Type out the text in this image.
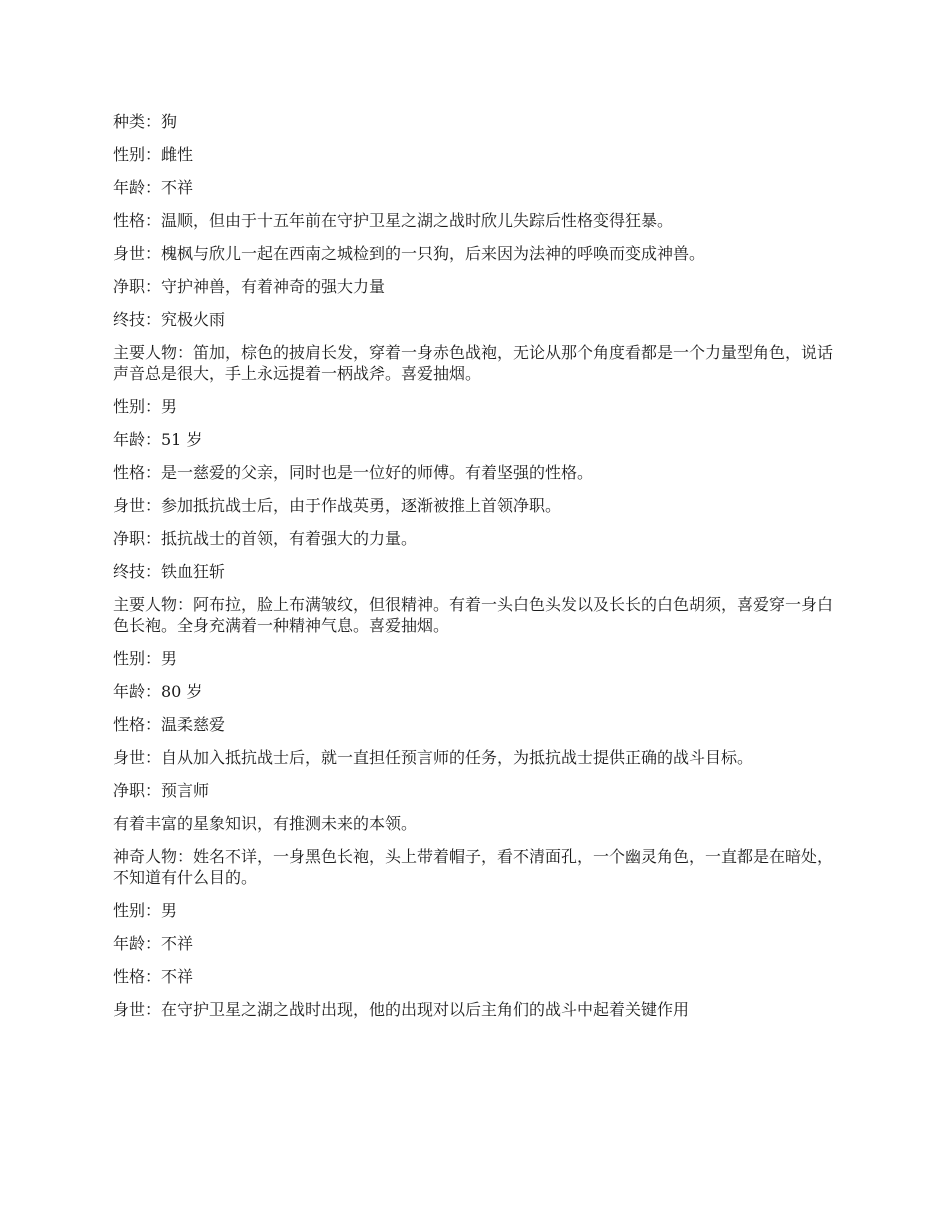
种类：狗

性别：雌性

年龄：不祥

性格：温顺，但由于十五年前在守护卫星之湖之战时欣儿失踪后性格变得狂暴。

身世：槐枫与欣儿一起在西南之城检到的一只狗，后来因为法神的呼唤而变成神兽。

净职：守护神兽，有着神奇的强大力量

终技：究极火雨

主要人物：笛加，棕色的披肩长发，穿着一身赤色战袍，无论从那个角度看都是一个力量型角色，说话声音总是很大，手上永远提着一柄战斧。喜爱抽烟。

性别：男

年龄：51 岁

性格：是一慈爱的父亲，同时也是一位好的师傅。有着坚强的性格。

身世：参加抵抗战士后，由于作战英勇，逐渐被推上首领净职。

净职：抵抗战士的首领，有着强大的力量。

终技：铁血狂斩

主要人物：阿布拉，脸上布满皱纹，但很精神。有着一头白色头发以及长长的白色胡须，喜爱穿一身白色长袍。全身充满着一种精神气息。喜爱抽烟。

性别：男

年龄：80 岁

性格：温柔慈爱

身世：自从加入抵抗战士后，就一直担任预言师的任务，为抵抗战士提供正确的战斗目标。

净职：预言师

有着丰富的星象知识，有推测未来的本领。

神奇人物：姓名不详，一身黑色长袍，头上带着帽子，看不清面孔，一个幽灵角色，一直都是在暗处，不知道有什么目的。

性别：男

年龄：不祥

性格：不祥

身世：在守护卫星之湖之战时出现，他的出现对以后主角们的战斗中起着关键作用
